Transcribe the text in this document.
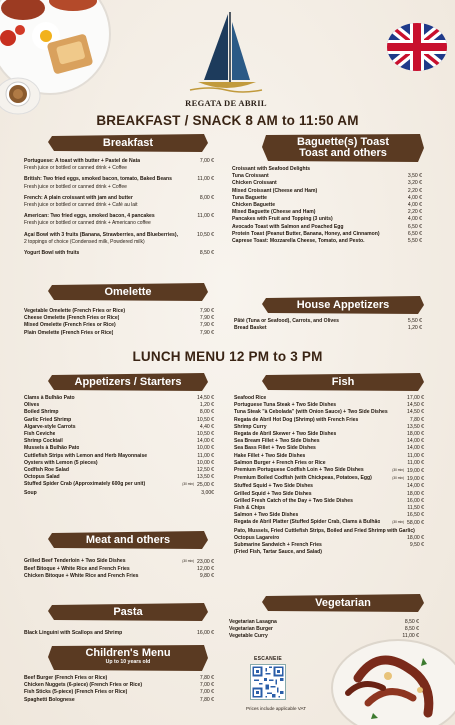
REGATA DE ABRIL
BREAKFAST / SNACK 8 AM to 11:50 AM
LUNCH MENU 12 PM to 3 PM
Breakfast
Portuguese: A toast with butter + Pastel de Nata	7,00 €
Fresh juice or bottled or canned drink + Coffee
British: Two fried eggs, smoked bacon, tomato, Baked Beans	11,00 €
Fresh juice or bottled or canned drink + Coffee
French: A plain croissant with jam and butter	8,00 €
Fresh juice or bottled or canned drink + Café au lait
American: Two fried eggs, smoked bacon, 4 pancakes	11,00 €
Fresh juice or bottled or canned drink + Americano coffee
Açaí Bowl with 3 fruits (Banana, Strawberries, and Blueberries),	10,50 €
2 toppings of choice (Condensed milk, Powdered milk)
Yogurt Bowl with fruits	8,50 €
Omelette
Vegetable Omelette (French Fries or Rice)	7,90 €
Cheese Omelette (French Fries or Rice)	7,90 €
Mixed Omelette (French Fries or Rice)	7,90 €
Plain Omelette (French Fries or Rice)	7,90 €
Baguette(s) Toast
Toast and others
Croissant with Seafood Delights
Tuna Croissant	3,50 €
Chicken Croissant	3,20 €
Mixed Croissant (Cheese and Ham)	2,20 €
Tuna Baguette	4,00 €
Chicken Baguette	4,00 €
Mixed Baguette (Cheese and Ham)	2,20 €
Pancakes with Fruit and Topping (3 units)	4,00 €
Avocado Toast with Salmon and Poached Egg	6,50 €
Protein Toast (Peanut Butter, Banana, Honey, and Cinnamon)	6,50 €
Caprese Toast: Mozzarella Cheese, Tomato, and Pesto.	5,50 €
House Appetizers
Pâté (Tuna or Seafood), Carrots, and Olives	5,50 €
Bread Basket	1,20 €
Appetizers / Starters
Clams à Bulhão Pato	14,50 €
Olives	1,20 €
Boiled Shrimp	8,00 €
Garlic Fried Shrimp	10,50 €
Algarve-style Carrots	4,40 €
Fish Ceviche	10,50 €
Shrimp Cocktail	14,00 €
Mussels à Bulhão Pato	10,00 €
Cuttlefish Strips with Lemon and Herb Mayonnaise	11,00 €
Oysters with Lemon (5 pieces)	10,00 €
Codfish Roe Salad	12,50 €
Octopus Salad	13,50 €
Stuffed Spider Crab (Approximately 600g per unit)	(30 min) 25,00 €
Soup	3,00€
Meat and others
Grilled Beef Tenderloin + Two Side Dishes	(30 min) 23,00 €
Beef Bitoque + White Rice and French Fries	12,00 €
Chicken Bitoque + White Rice and French Fries	9,80 €
Pasta
Black Linguini with Scallops and Shrimp	16,00 €
Children's Menu
Up to 10 years old
Beef Burger (French Fries or Rice)	7,80 €
Chicken Nuggets (6-piece) (French Fries or Rice)	7,00 €
Fish Sticks (5-piece) (French Fries or Rice)	7,00 €
Spaghetti Bolognese	7,80 €
Fish
Seafood Rice	17,00 €
Portuguese Tuna Steak + Two Side Dishes	14,50 €
Tuna Steak "à Cebolada" (with Onion Sauce) + Two Side Dishes	14,50 €
Regata de Abril Hot Dog (Shrimp) with French Fries	7,80 €
Shrimp Curry	13,50 €
Regata de Abril Skewer + Two Side Dishes	18,00 €
Sea Bream Fillet + Two Side Dishes	14,00 €
Sea Bass Fillet + Two Side Dishes	14,00 €
Hake Fillet + Two Side Dishes	11,00 €
Salmon Burger + French Fries or Rice	11,00 €
Premium Portuguese Codfish Loin + Two Side Dishes	(30 min) 19,00 €
Premium Boiled Codfish (with Chickpeas, Potatoes, Egg)	(30 min) 19,00 €
Stuffed Squid + Two Side Dishes	14,00 €
Grilled Squid + Two Side Dishes	18,00 €
Grilled Fresh Catch of the Day + Two Side Dishes	16,00 €
Fish & Chips	11,50 €
Salmon + Two Side Dishes	16,50 €
Regata de Abril Platter (Stuffed Spider Crab, Clams à Bulhão	(30 min) 58,00 €
Pato, Mussels, Fried Cuttlefish Strips, Boiled and Fried Shrimp with Garlic)
Octopus Lagareiro	18,00 €
Submarine Sandwich + French Fries	9,50 €
(Fried Fish, Tartar Sauce, and Salad)
Vegetarian
Vegetarian Lasagna	8,50 €
Vegetarian Burger	8,50 €
Vegetable Curry	11,00 €
ESCANEIE
Prices include applicable VAT
